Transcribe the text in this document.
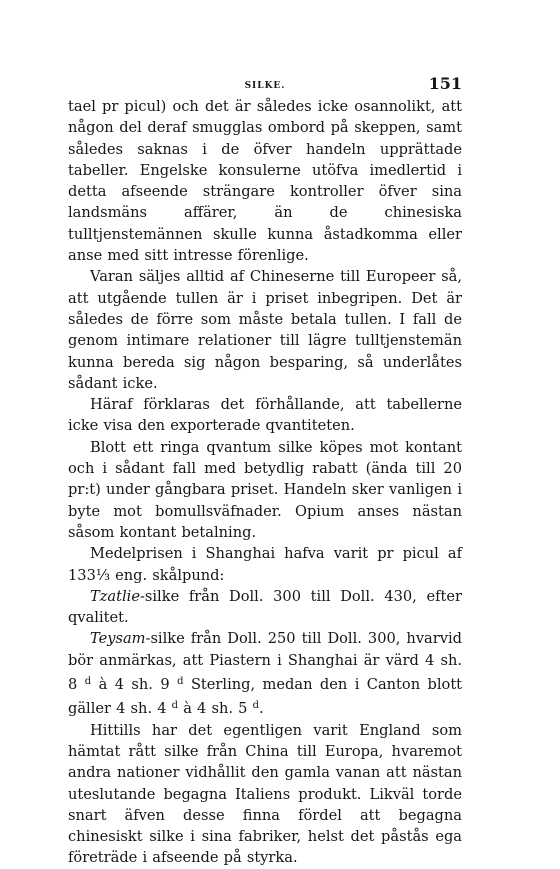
SILKE.	151

tael pr picul) och det är således icke osannolikt, att någon del deraf smugglas ombord på skeppen, samt således saknas i de öfver handeln upprättade tabeller. Engelske konsulerne utöfva imedlertid i detta afseende strängare kontroller öfver sina landsmäns affärer, än de chinesiska tulltjenstemännen skulle kunna åstadkomma eller anse med sitt intresse förenlige.

Varan säljes alltid af Chineserne till Europeer så, att utgående tullen är i priset inbegripen. Det är således de förre som måste betala tullen. I fall de genom intimare relationer till lägre tulltjenstemän kunna bereda sig någon besparing, så underlåtes sådant icke.

Häraf förklaras det förhållande, att tabellerne icke visa den exporterade qvantiteten.

Blott ett ringa qvantum silke köpes mot kontant och i sådant fall med betydlig rabatt (ända till 20 pr:t) under gångbara priset. Handeln sker vanligen i byte mot bomullsväfnader. Opium anses nästan såsom kontant betalning.

Medelprisen i Shanghai hafva varit pr picul af 133⅓ eng. skålpund:

Tzatlie-silke från Doll. 300 till Doll. 430, efter qvalitet.

Teysam-silke från Doll. 250 till Doll. 300, hvarvid bör anmärkas, att Piastern i Shanghai är värd 4 sh. 8 $^d$ à 4 sh. 9 $^d$ Sterling, medan den i Canton blott gäller 4 sh. 4 $^d$ à 4 sh. 5 $^d$.

Hittills har det egentligen varit England som hämtat rått silke från China till Europa, hvaremot andra nationer vidhållit den gamla vanan att nästan uteslutande begagna Italiens produkt. Likväl torde snart äfven desse finna fördel att begagna chinesiskt silke i sina fabriker, helst det påstås ega företräde i afseende på styrka.
